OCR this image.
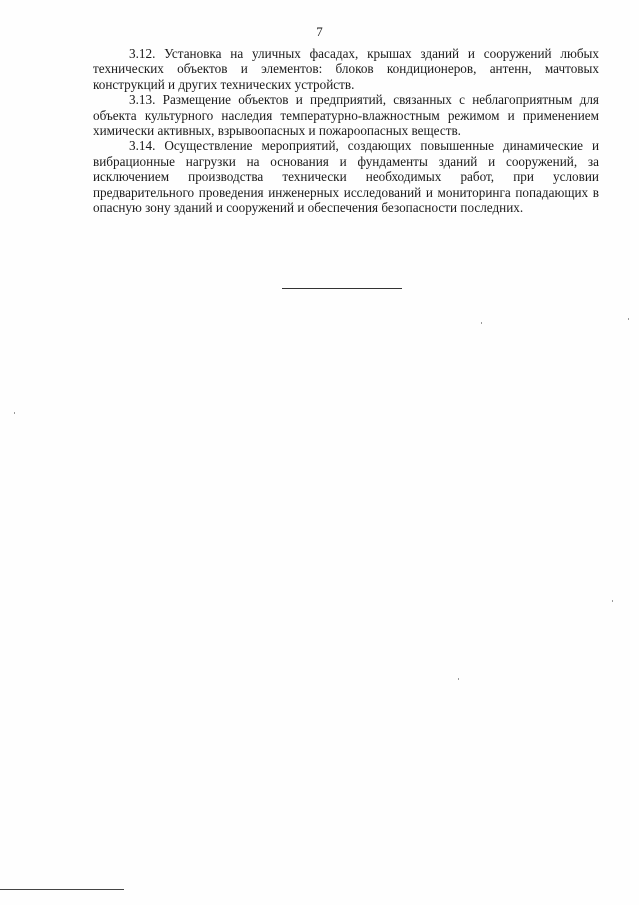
7

3.12. Установка на уличных фасадах, крышах зданий и сооружений любых технических объектов и элементов: блоков кондиционеров, антенн, мачтовых конструкций и других технических устройств.

3.13. Размещение объектов и предприятий, связанных с неблагоприятным для объекта культурного наследия температурно-влажностным режимом и применением химически активных, взрывоопасных и пожароопасных веществ.

3.14. Осуществление мероприятий, создающих повышенные динамические и вибрационные нагрузки на основания и фундаменты зданий и сооружений, за исключением производства технически необходимых работ, при условии предварительного проведения инженерных исследований и мониторинга попадающих в опасную зону зданий и сооружений и обеспечения безопасности последних.
